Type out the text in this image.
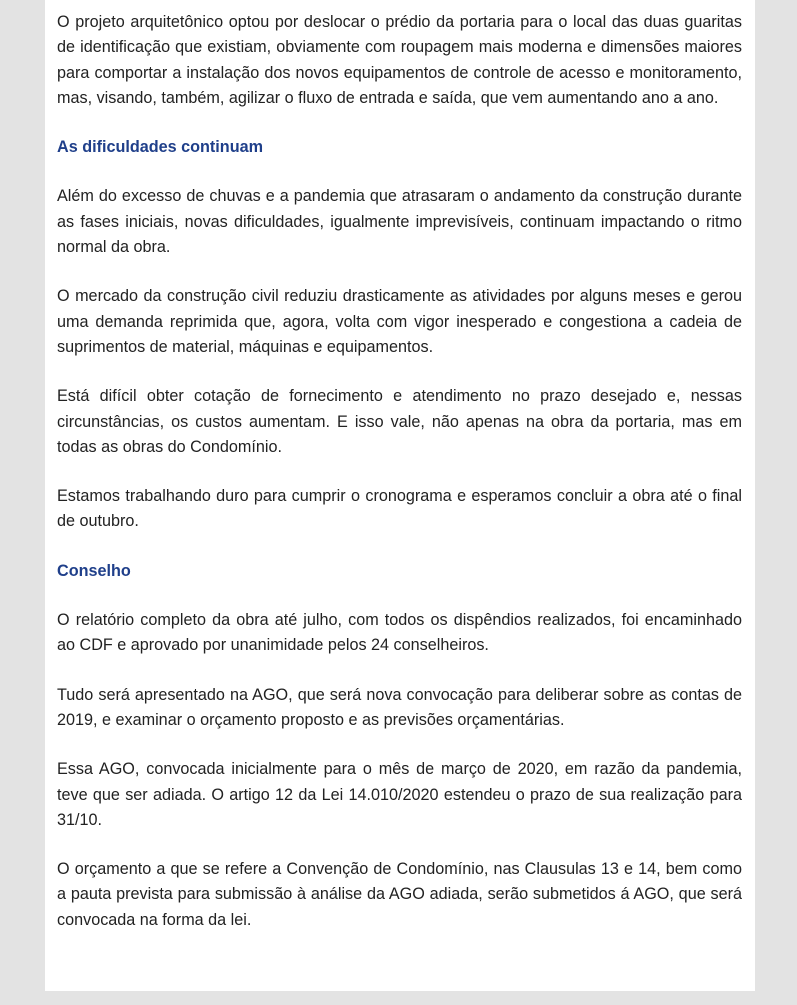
O projeto arquitetônico optou por deslocar o prédio da portaria para o local das duas guaritas de identificação que existiam, obviamente com roupagem mais moderna e dimensões maiores para comportar a instalação dos novos equipamentos de controle de acesso e monitoramento, mas, visando, também, agilizar o fluxo de entrada e saída, que vem aumentando ano a ano.

As dificuldades continuam

Além do excesso de chuvas e a pandemia que atrasaram o andamento da construção durante as fases iniciais, novas dificuldades, igualmente imprevisíveis, continuam impactando o ritmo normal da obra.

O mercado da construção civil reduziu drasticamente as atividades por alguns meses e gerou uma demanda reprimida que, agora, volta com vigor inesperado e congestiona a cadeia de suprimentos de material, máquinas e equipamentos.

Está difícil obter cotação de fornecimento e atendimento no prazo desejado e, nessas circunstâncias, os custos aumentam. E isso vale, não apenas na obra da portaria, mas em todas as obras do Condomínio.

Estamos trabalhando duro para cumprir o cronograma e esperamos concluir a obra até o final de outubro.

Conselho

O relatório completo da obra até julho, com todos os dispêndios realizados, foi encaminhado ao CDF e aprovado por unanimidade pelos 24 conselheiros.

Tudo será apresentado na AGO, que será nova convocação para deliberar sobre as contas de 2019, e examinar o orçamento proposto e as previsões orçamentárias.

Essa AGO, convocada inicialmente para o mês de março de 2020, em razão da pandemia, teve que ser adiada. O artigo 12 da Lei 14.010/2020 estendeu o prazo de sua realização para 31/10.

O orçamento a que se refere a Convenção de Condomínio, nas Clausulas 13 e 14, bem como a pauta prevista para submissão à análise da AGO adiada, serão submetidos á AGO, que será convocada na forma da lei.
